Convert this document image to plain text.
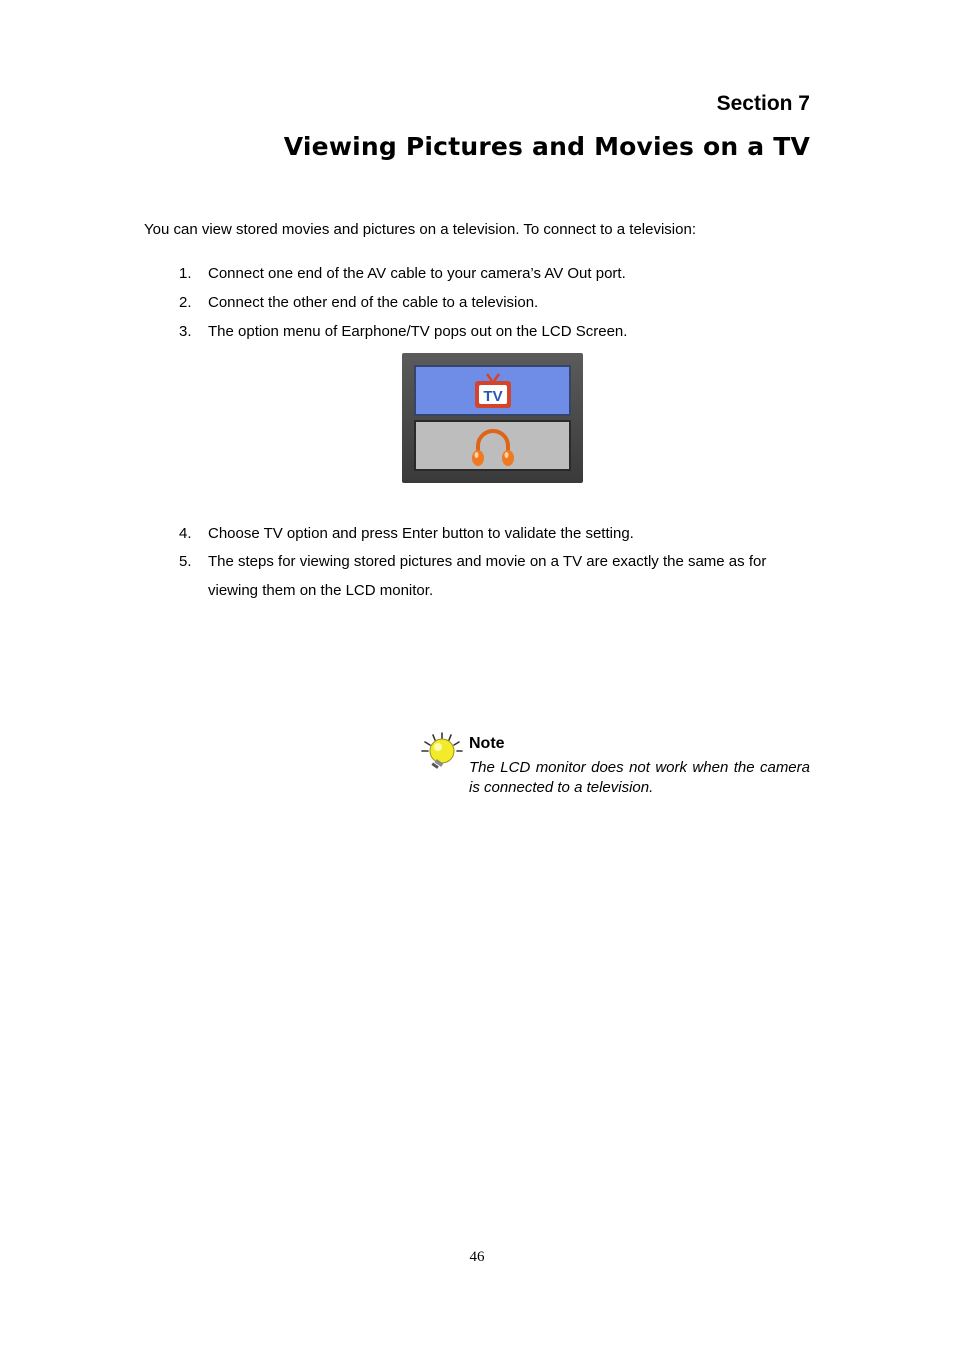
Section 7
Viewing Pictures and Movies on a TV

You can view stored movies and pictures on a television. To connect to a television:

1. Connect one end of the AV cable to your camera’s AV Out port.
2. Connect the other end of the cable to a television.
3. The option menu of Earphone/TV pops out on the LCD Screen.
TV
4. Choose TV option and press Enter button to validate the setting.
5. The steps for viewing stored pictures and movie on a TV are exactly the same as for viewing them on the LCD monitor.
Note
The LCD monitor does not work when the camera is connected to a television.
46
